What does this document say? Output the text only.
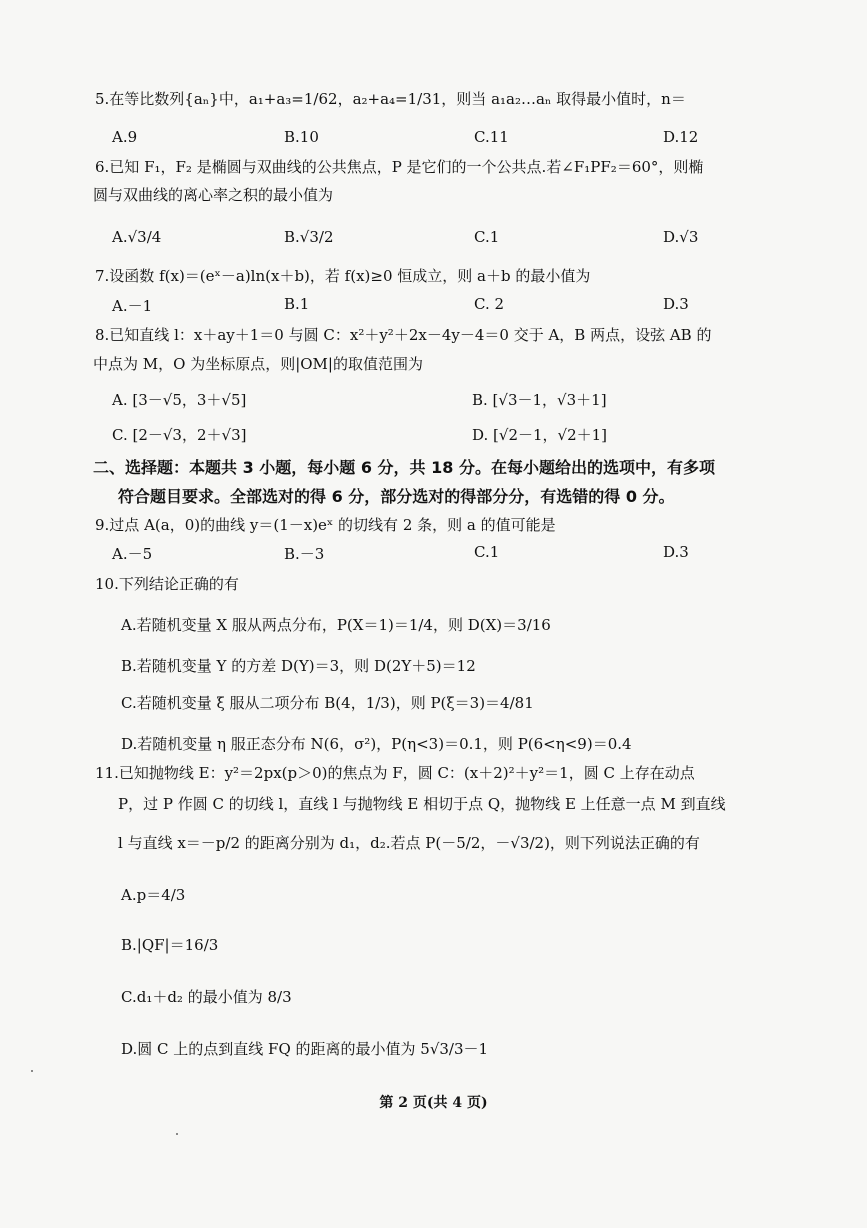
5.在等比数列{aₙ}中，a₁+a₃=1/62，a₂+a₄=1/31，则当 a₁a₂…aₙ 取得最小值时，n＝
A.9	B.10	C.11	D.12
6.已知 F₁，F₂ 是椭圆与双曲线的公共焦点，P 是它们的一个公共点.若∠F₁PF₂＝60°，则椭
圆与双曲线的离心率之积的最小值为
A.√3/4	B.√3/2	C.1	D.√3
7.设函数 f(x)＝(eˣ－a)ln(x＋b)，若 f(x)≥0 恒成立，则 a＋b 的最小值为
A.－1	B.1	C. 2	D.3
8.已知直线 l：x＋ay＋1＝0 与圆 C：x²＋y²＋2x－4y－4＝0 交于 A，B 两点，设弦 AB 的
中点为 M，O 为坐标原点，则|OM|的取值范围为
A. [3－√5，3＋√5]	B. [√3－1，√3＋1]
C. [2－√3，2＋√3]	D. [√2－1，√2＋1]
二、选择题：本题共 3 小题，每小题 6 分，共 18 分。在每小题给出的选项中，有多项
符合题目要求。全部选对的得 6 分，部分选对的得部分分，有选错的得 0 分。
9.过点 A(a，0)的曲线 y＝(1－x)eˣ 的切线有 2 条，则 a 的值可能是
A.－5	B.－3	C.1	D.3
10.下列结论正确的有
A.若随机变量 X 服从两点分布，P(X＝1)＝1/4，则 D(X)＝3/16
B.若随机变量 Y 的方差 D(Y)＝3，则 D(2Y＋5)＝12
C.若随机变量 ξ 服从二项分布 B(4，1/3)，则 P(ξ＝3)＝4/81
D.若随机变量 η 服正态分布 N(6，σ²)，P(η<3)＝0.1，则 P(6<η<9)＝0.4
11.已知抛物线 E：y²＝2px(p＞0)的焦点为 F，圆 C：(x＋2)²＋y²＝1，圆 C 上存在动点
P，过 P 作圆 C 的切线 l，直线 l 与抛物线 E 相切于点 Q，抛物线 E 上任意一点 M 到直线
l 与直线 x＝－p/2 的距离分别为 d₁，d₂.若点 P(－5/2，－√3/2)，则下列说法正确的有
A.p＝4/3
B.|QF|＝16/3
C.d₁＋d₂ 的最小值为 8/3
D.圆 C 上的点到直线 FQ 的距离的最小值为 5√3/3－1
第 2 页(共 4 页)
